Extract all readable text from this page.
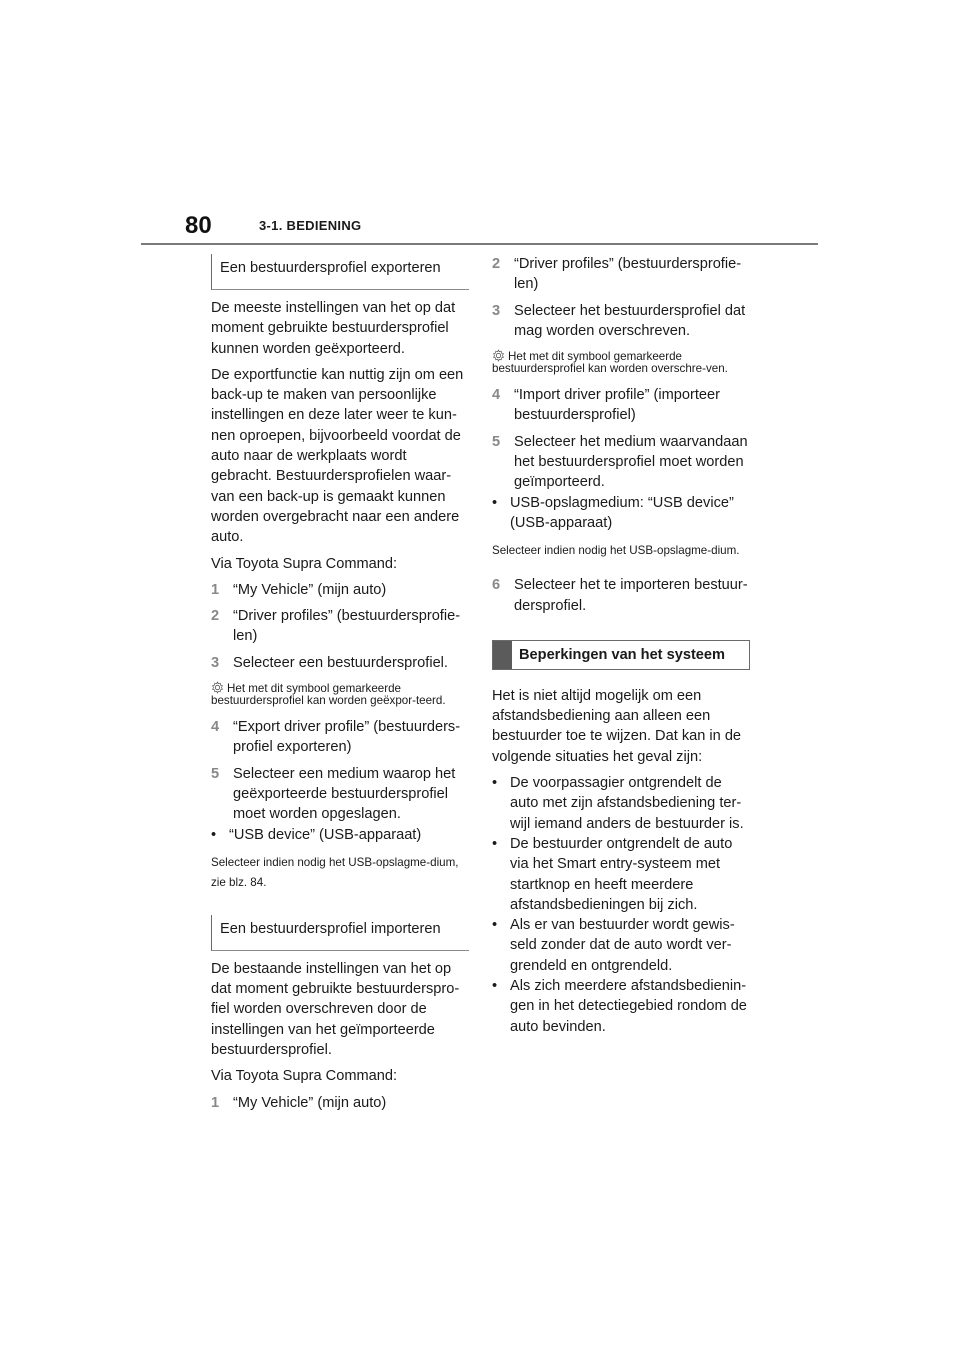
80	3-1. BEDIENING
Een bestuurdersprofiel exporteren

De meeste instellingen van het op dat moment gebruikte bestuurdersprofiel kunnen worden geëxporteerd.

De exportfunctie kan nuttig zijn om een back-up te maken van persoonlijke instellingen en deze later weer te kun-nen oproepen, bijvoorbeeld voordat de auto naar de werkplaats wordt gebracht. Bestuurdersprofielen waar-van een back-up is gemaakt kunnen worden overgebracht naar een andere auto.

Via Toyota Supra Command:

1 “My Vehicle” (mijn auto)
2 “Driver profiles” (bestuurdersprofie-len)
3 Selecteer een bestuurdersprofiel.
Het met dit symbool gemarkeerde bestuurdersprofiel kan worden geëxpor-teerd.
4 “Export driver profile” (bestuurders-profiel exporteren)
5 Selecteer een medium waarop het geëxporteerde bestuurdersprofiel moet worden opgeslagen.
• “USB device” (USB-apparaat)
Selecteer indien nodig het USB-opslagme-dium, zie blz. 84.
Een bestuurdersprofiel importeren

De bestaande instellingen van het op dat moment gebruikte bestuurderspro-fiel worden overschreven door de instellingen van het geïmporteerde bestuurdersprofiel.

Via Toyota Supra Command:

1 “My Vehicle” (mijn auto)
2 “Driver profiles” (bestuurdersprofie-len)
3 Selecteer het bestuurdersprofiel dat mag worden overschreven.
Het met dit symbool gemarkeerde bestuurdersprofiel kan worden overschre-ven.
4 “Import driver profile” (importeer bestuurdersprofiel)
5 Selecteer het medium waarvandaan het bestuurdersprofiel moet worden geïmporteerd.
• USB-opslagmedium: “USB device” (USB-apparaat)
Selecteer indien nodig het USB-opslagme-dium.
6 Selecteer het te importeren bestuur-dersprofiel.
Beperkingen van het systeem

Het is niet altijd mogelijk om een afstandsbediening aan alleen een bestuurder toe te wijzen. Dat kan in de volgende situaties het geval zijn:

• De voorpassagier ontgrendelt de auto met zijn afstandsbediening ter-wijl iemand anders de bestuurder is.
• De bestuurder ontgrendelt de auto via het Smart entry-systeem met startknop en heeft meerdere afstandsbedieningen bij zich.
• Als er van bestuurder wordt gewis-seld zonder dat de auto wordt ver-grendeld en ontgrendeld.
• Als zich meerdere afstandsbedienin-gen in het detectiegebied rondom de auto bevinden.
